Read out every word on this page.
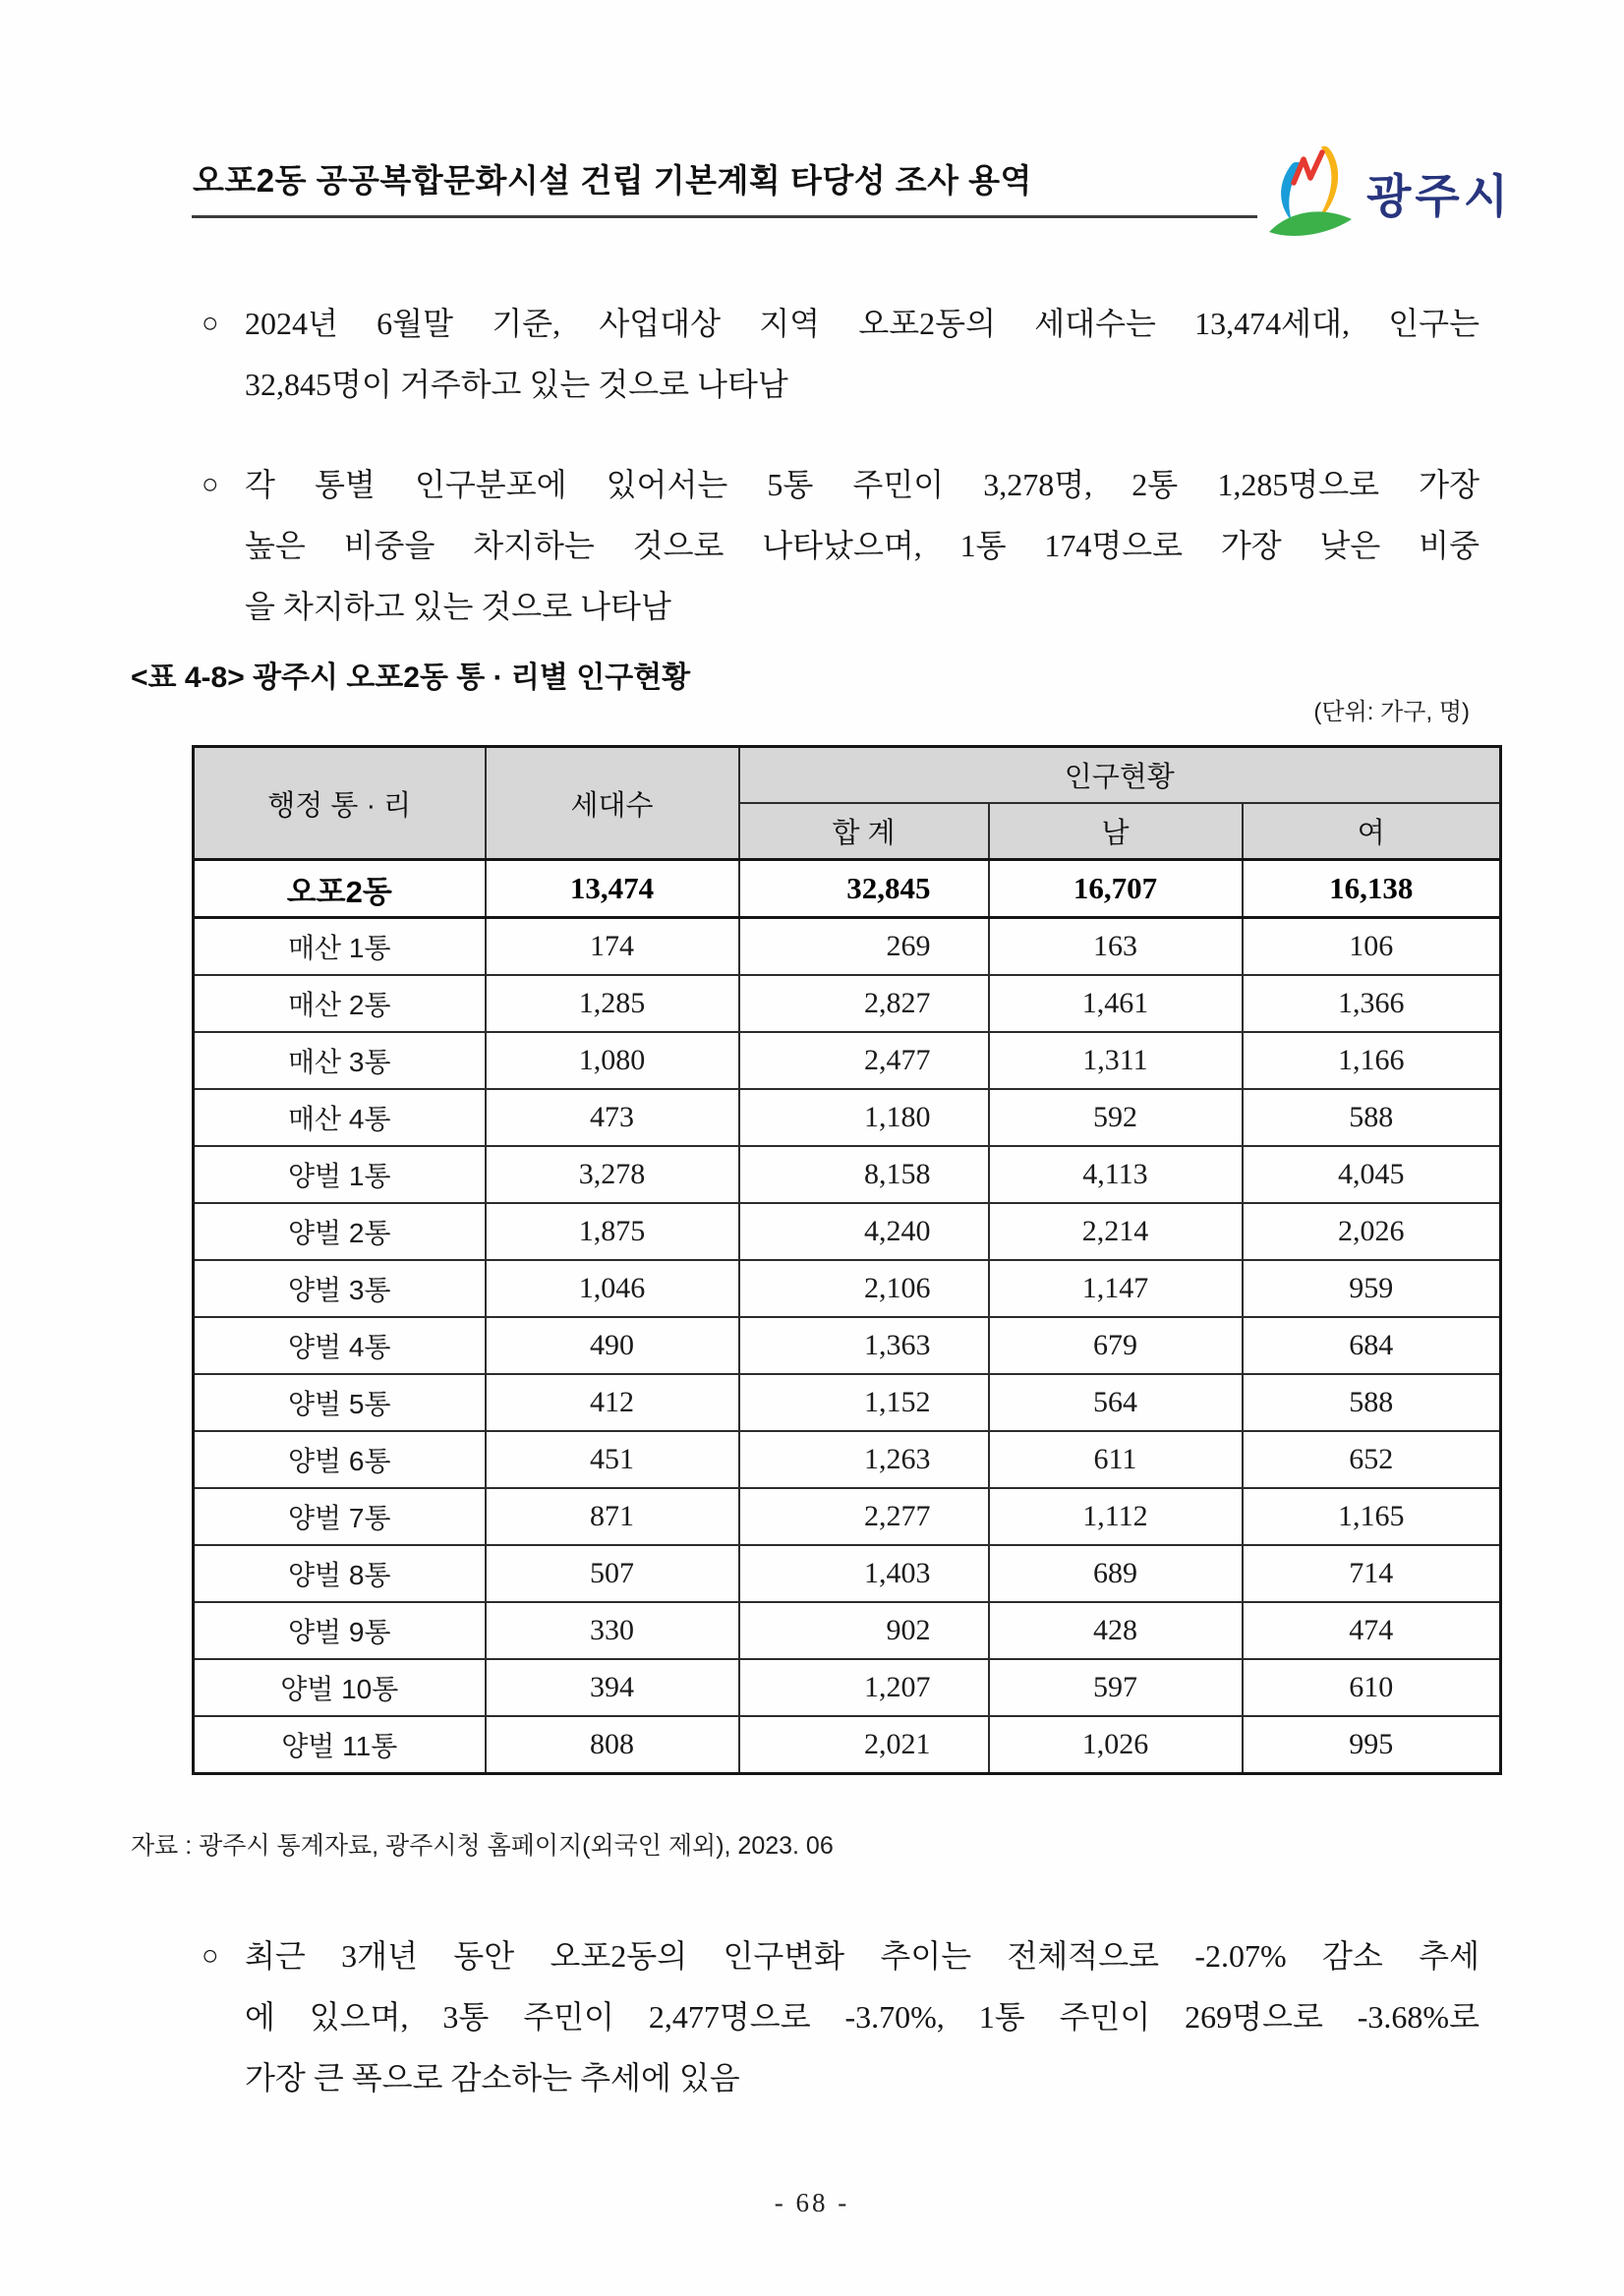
오포2동 공공복합문화시설 건립 기본계획 타당성 조사 용역	광주시
○ 2024년 6월말 기준, 사업대상 지역 오포2동의 세대수는 13,474세대, 인구는
32,845명이 거주하고 있는 것으로 나타남
○ 각 통별 인구분포에 있어서는 5통 주민이 3,278명, 2통 1,285명으로 가장
높은 비중을 차지하는 것으로 나타났으며, 1통 174명으로 가장 낮은 비중
을 차지하고 있는 것으로 나타남
<표 4-8> 광주시 오포2동 통 · 리별 인구현황
(단위: 가구, 명)
행정 통 · 리	세대수	인구현황		
		합 계	남	여
오포2동	13,474	32,845	16,707	16,138
매산 1통	174	269	163	106
매산 2통	1,285	2,827	1,461	1,366
매산 3통	1,080	2,477	1,311	1,166
매산 4통	473	1,180	592	588
양벌 1통	3,278	8,158	4,113	4,045
양벌 2통	1,875	4,240	2,214	2,026
양벌 3통	1,046	2,106	1,147	959
양벌 4통	490	1,363	679	684
양벌 5통	412	1,152	564	588
양벌 6통	451	1,263	611	652
양벌 7통	871	2,277	1,112	1,165
양벌 8통	507	1,403	689	714
양벌 9통	330	902	428	474
양벌 10통	394	1,207	597	610
양벌 11통	808	2,021	1,026	995
자료 : 광주시 통계자료, 광주시청 홈페이지(외국인 제외), 2023. 06
○ 최근 3개년 동안 오포2동의 인구변화 추이는 전체적으로 -2.07% 감소 추세
에 있으며, 3통 주민이 2,477명으로 -3.70%, 1통 주민이 269명으로 -3.68%로
가장 큰 폭으로 감소하는 추세에 있음
- 68 -
